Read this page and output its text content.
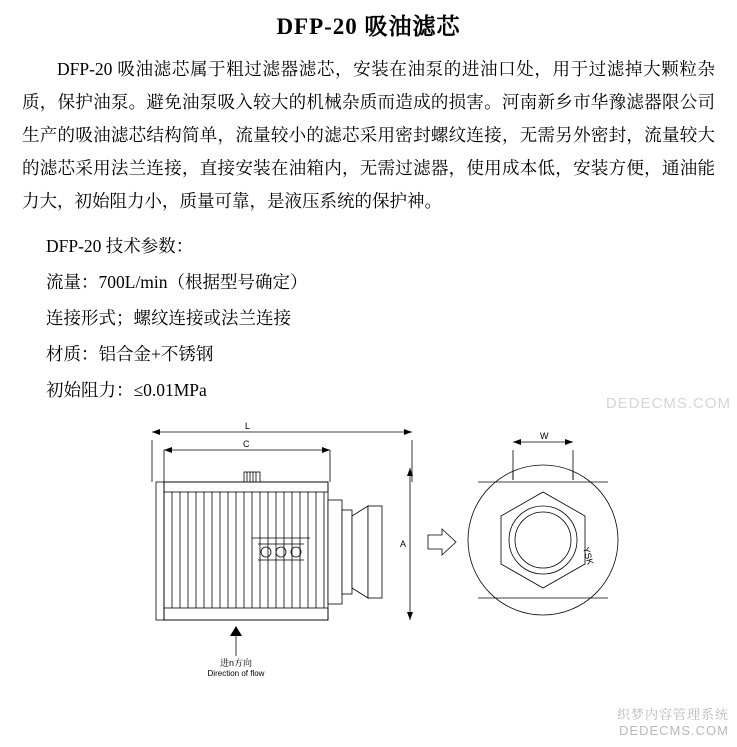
DFP-20 吸油滤芯
DFP-20 吸油滤芯属于粗过滤器滤芯，安装在油泵的进油口处，用于过滤掉大颗粒杂质，保护油泵。避免油泵吸入较大的机械杂质而造成的损害。河南新乡市华豫滤器限公司生产的吸油滤芯结构简单，流量较小的滤芯采用密封螺纹连接，无需另外密封，流量较大的滤芯采用法兰连接，直接安装在油箱内，无需过滤器，使用成本低，安装方便，通油能力大，初始阻力小，质量可靠，是液压系统的保护神。
DFP-20 技术参数：
流量：700L/min（根据型号确定）
连接形式；螺纹连接或法兰连接
材质：铝合金+不锈钢
初始阻力：≤0.01MPa
L
C
A
W
YSK
进n方向
Direction of flow
DEDECMS.COM
织梦内容管理系统
DEDECMS.COM
